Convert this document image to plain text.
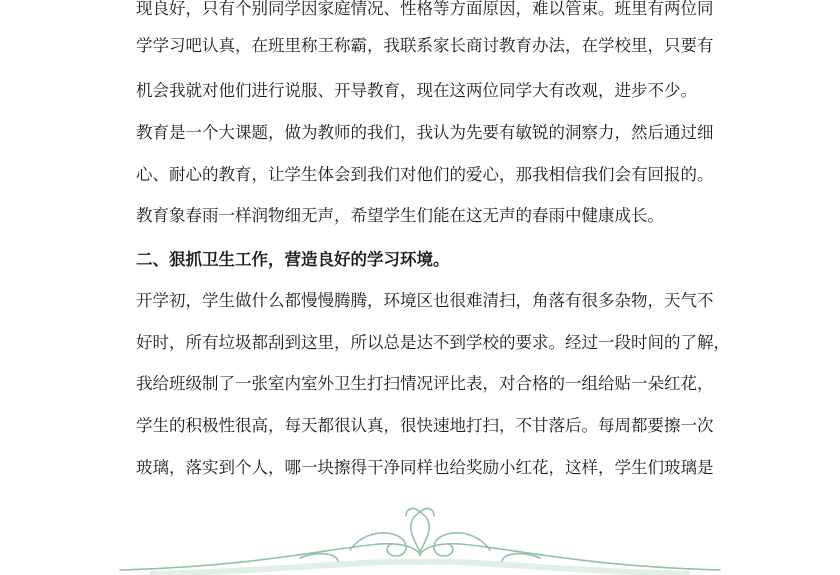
现良好，只有个别同学因家庭情况、性格等方面原因，难以管束。班里有两位同
学学习吧认真，在班里称王称霸，我联系家长商讨教育办法，在学校里，只要有
机会我就对他们进行说服、开导教育，现在这两位同学大有改观，进步不少。
教育是一个大课题，做为教师的我们，我认为先要有敏锐的洞察力，然后通过细
心、耐心的教育，让学生体会到我们对他们的爱心，那我相信我们会有回报的。
教育象春雨一样润物细无声，希望学生们能在这无声的春雨中健康成长。
二、狠抓卫生工作，营造良好的学习环境。
开学初，学生做什么都慢慢腾腾，环境区也很难清扫，角落有很多杂物，天气不
好时，所有垃圾都刮到这里，所以总是达不到学校的要求。经过一段时间的了解，
我给班级制了一张室内室外卫生打扫情况评比表，对合格的一组给贴一朵红花，
学生的积极性很高，每天都很认真，很快速地打扫，不甘落后。每周都要擦一次
玻璃，落实到个人，哪一块擦得干净同样也给奖励小红花，这样，学生们玻璃是
